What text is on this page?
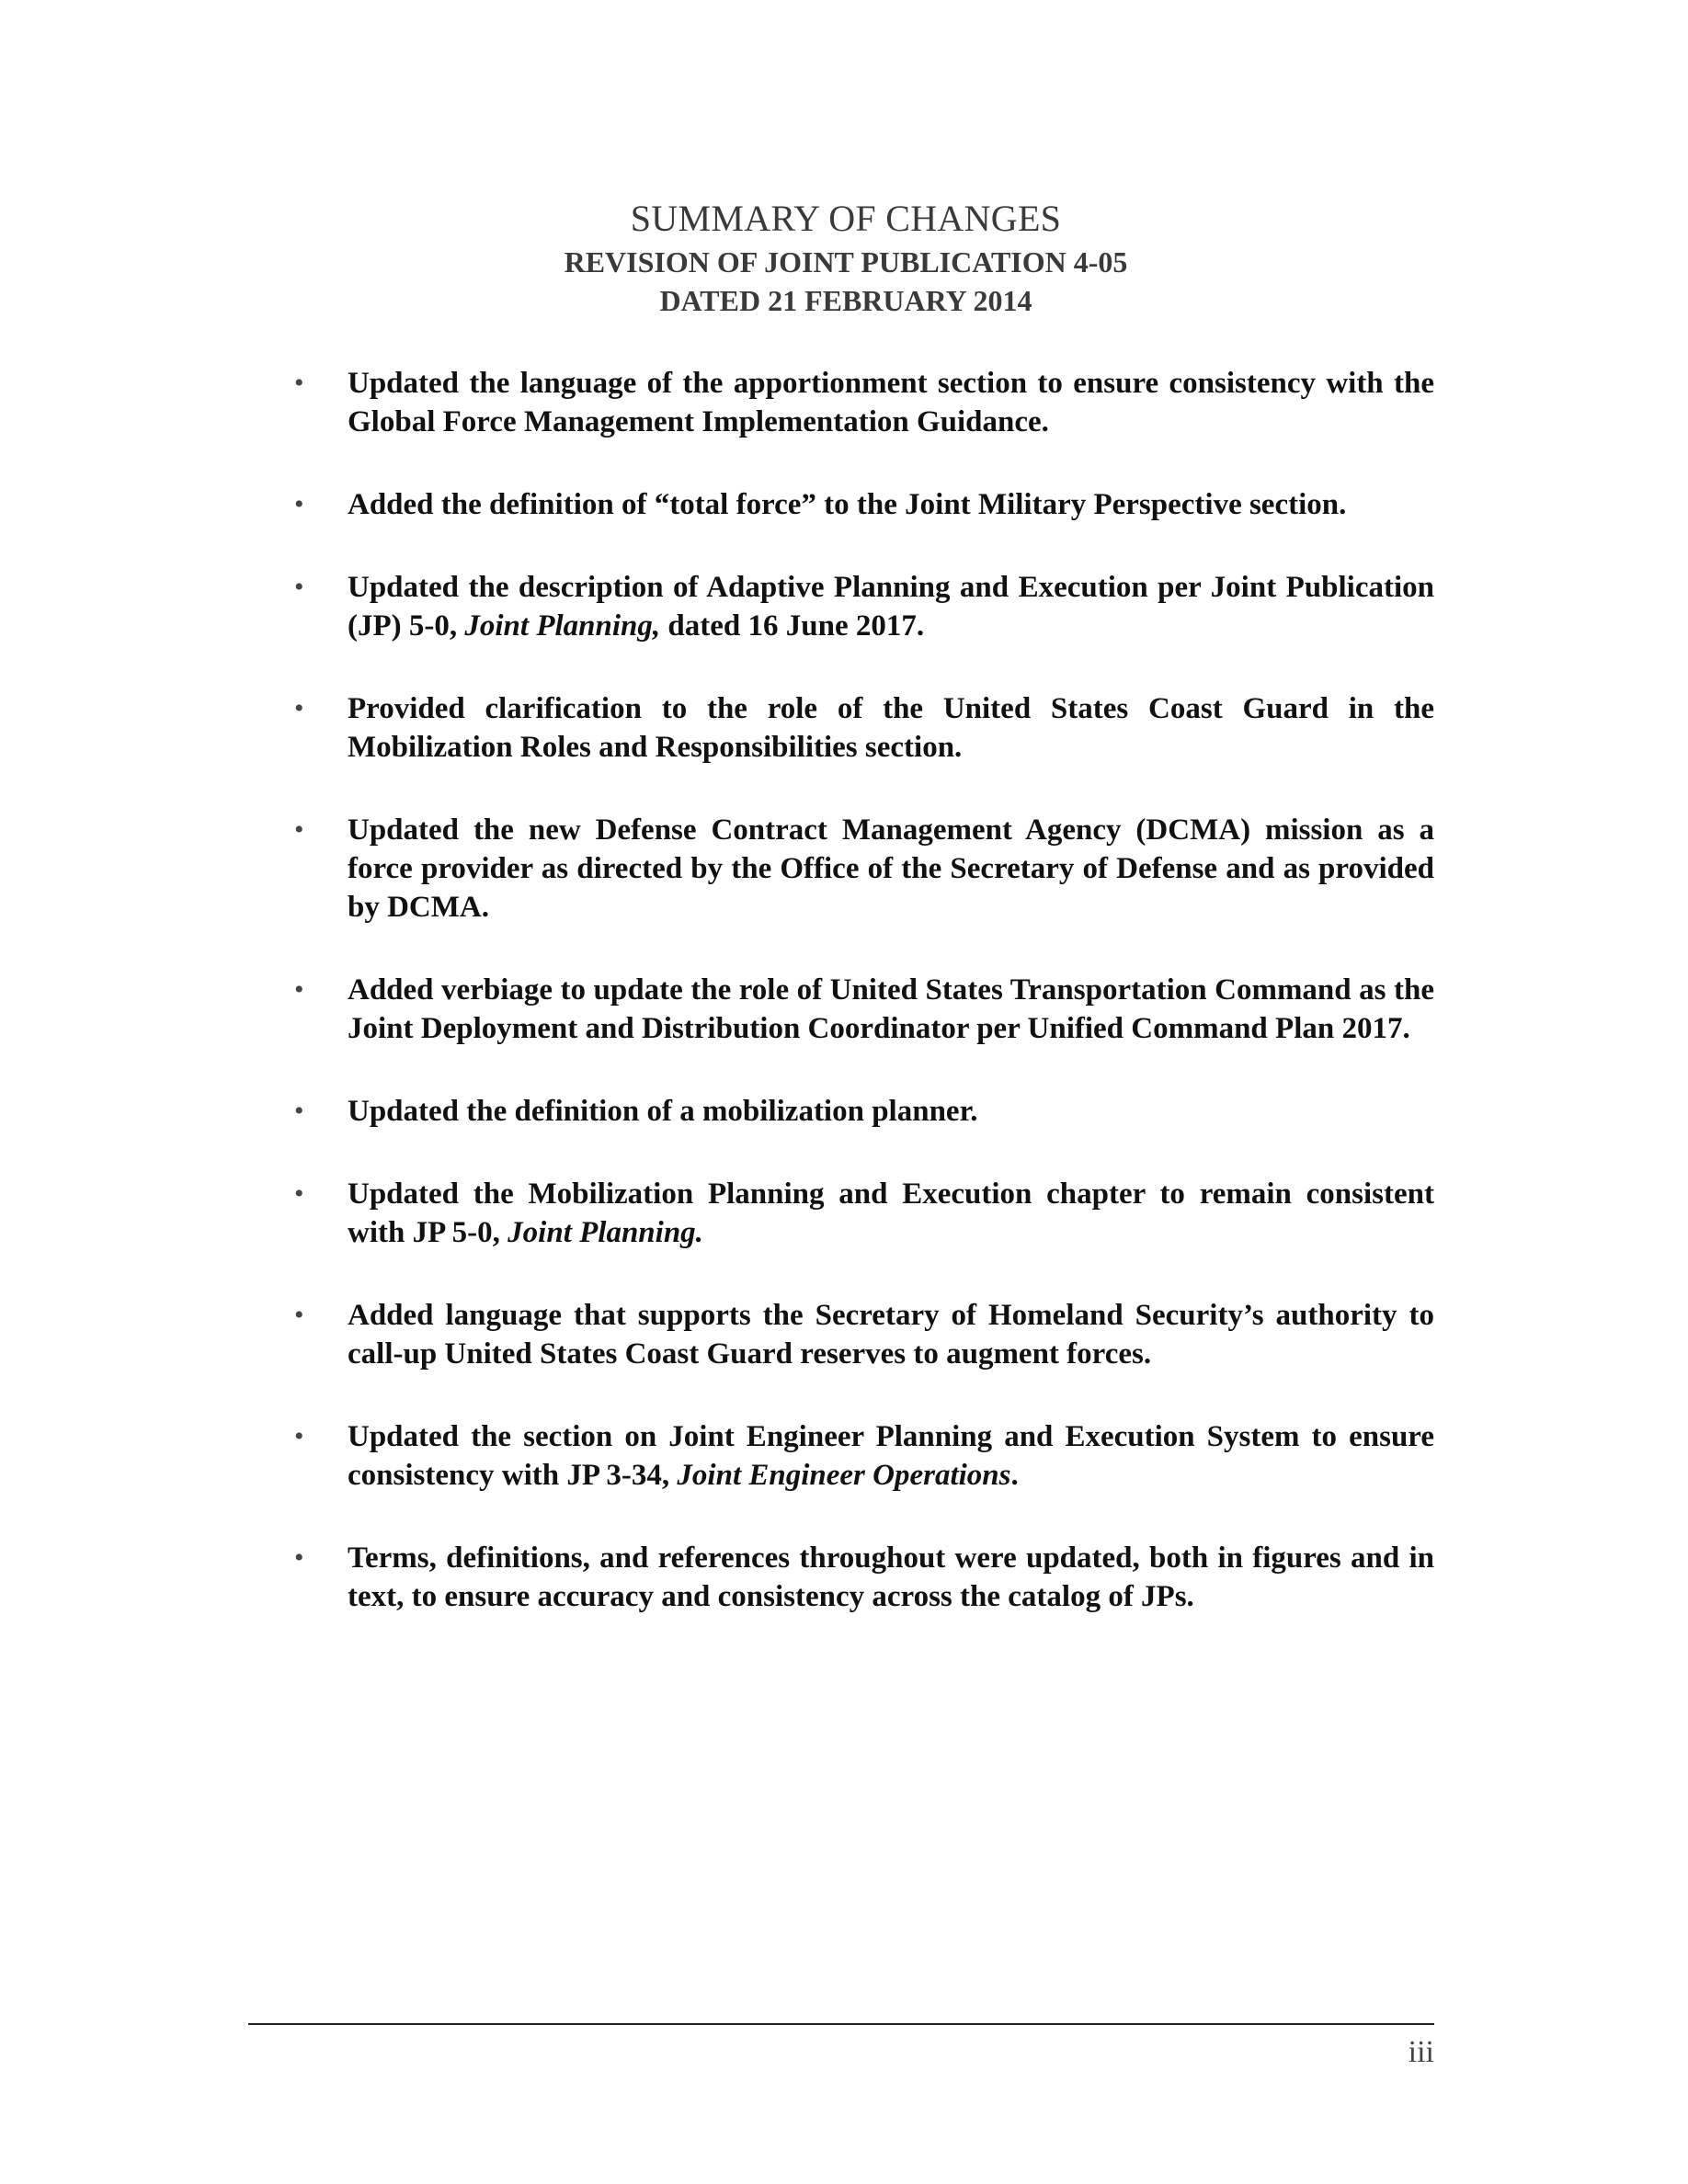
SUMMARY OF CHANGES
REVISION OF JOINT PUBLICATION 4-05
DATED 21 FEBRUARY 2014
• Updated the language of the apportionment section to ensure consistency with the Global Force Management Implementation Guidance.
• Added the definition of “total force” to the Joint Military Perspective section.
• Updated the description of Adaptive Planning and Execution per Joint Publication (JP) 5-0, Joint Planning, dated 16 June 2017.
• Provided clarification to the role of the United States Coast Guard in the Mobilization Roles and Responsibilities section.
• Updated the new Defense Contract Management Agency (DCMA) mission as a force provider as directed by the Office of the Secretary of Defense and as provided by DCMA.
• Added verbiage to update the role of United States Transportation Command as the Joint Deployment and Distribution Coordinator per Unified Command Plan 2017.
• Updated the definition of a mobilization planner.
• Updated the Mobilization Planning and Execution chapter to remain consistent with JP 5-0, Joint Planning.
• Added language that supports the Secretary of Homeland Security’s authority to call-up United States Coast Guard reserves to augment forces.
• Updated the section on Joint Engineer Planning and Execution System to ensure consistency with JP 3-34, Joint Engineer Operations.
• Terms, definitions, and references throughout were updated, both in figures and in text, to ensure accuracy and consistency across the catalog of JPs.
iii
